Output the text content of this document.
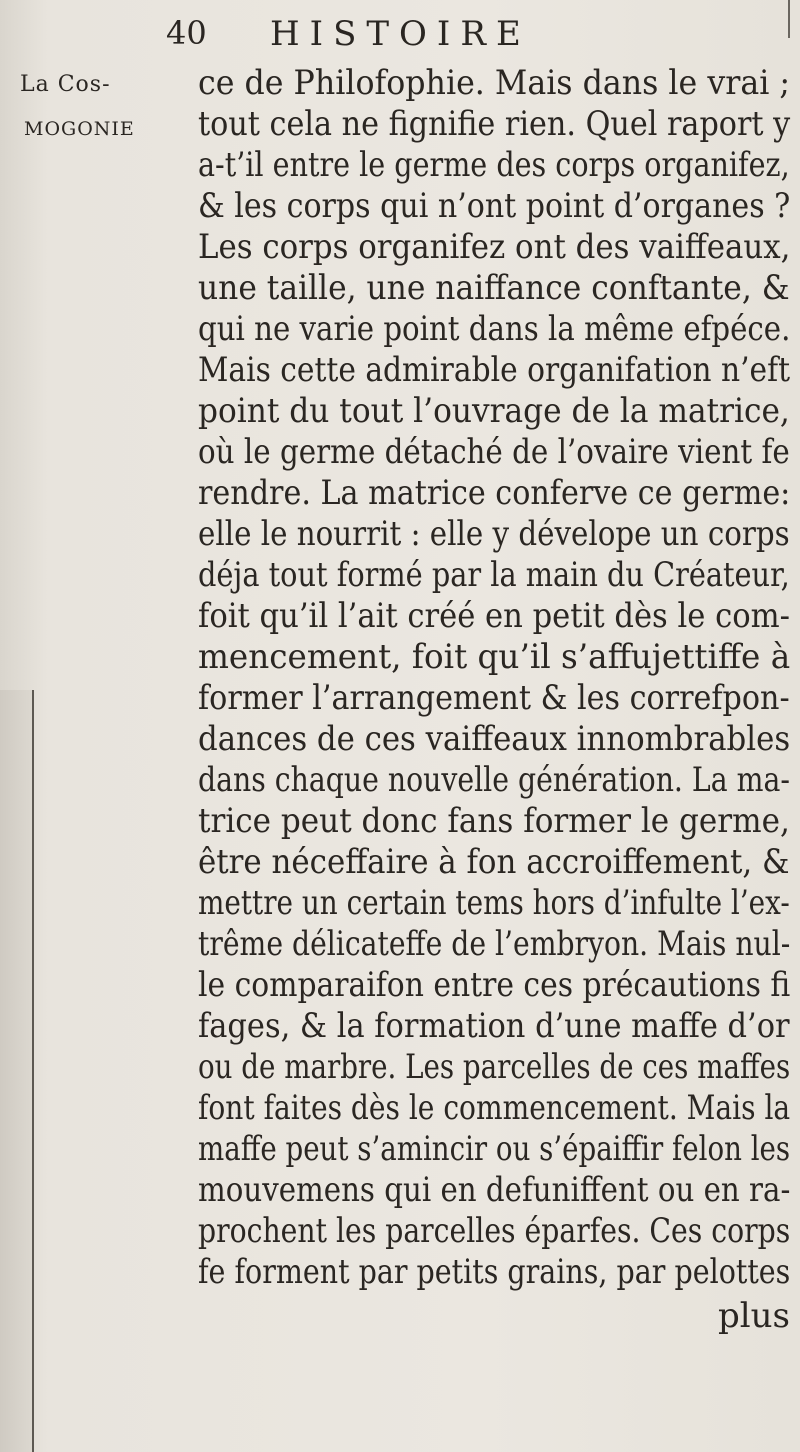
40 HISTOIRE
La Cos-
MOGONIE
ce de Philofophie. Mais dans le vrai ;
tout cela ne fignifie rien. Quel raport y
a-t’il entre le germe des corps organifez,
& les corps qui n’ont point d’organes ?
Les corps organifez ont des vaiffeaux,
une taille, une naiffance conftante, &
qui ne varie point dans la même efpéce.
Mais cette admirable organifation n’eft
point du tout l’ouvrage de la matrice,
où le germe détaché de l’ovaire vient fe
rendre. La matrice conferve ce germe:
elle le nourrit : elle y dévelope un corps
déja tout formé par la main du Créateur,
foit qu’il l’ait créé en petit dès le com-
mencement, foit qu’il s’affujettiffe à
former l’arrangement & les correfpon-
dances de ces vaiffeaux innombrables
dans chaque nouvelle génération. La ma-
trice peut donc fans former le germe,
être néceffaire à fon accroiffement, &
mettre un certain tems hors d’infulte l’ex-
trême délicateffe de l’embryon. Mais nul-
le comparaifon entre ces précautions fi
fages, & la formation d’une maffe d’or
ou de marbre. Les parcelles de ces maffes
font faites dès le commencement. Mais la
maffe peut s’amincir ou s’épaiffir felon les
mouvemens qui en defuniffent ou en ra-
prochent les parcelles éparfes. Ces corps
fe forment par petits grains, par pelottes
plus
